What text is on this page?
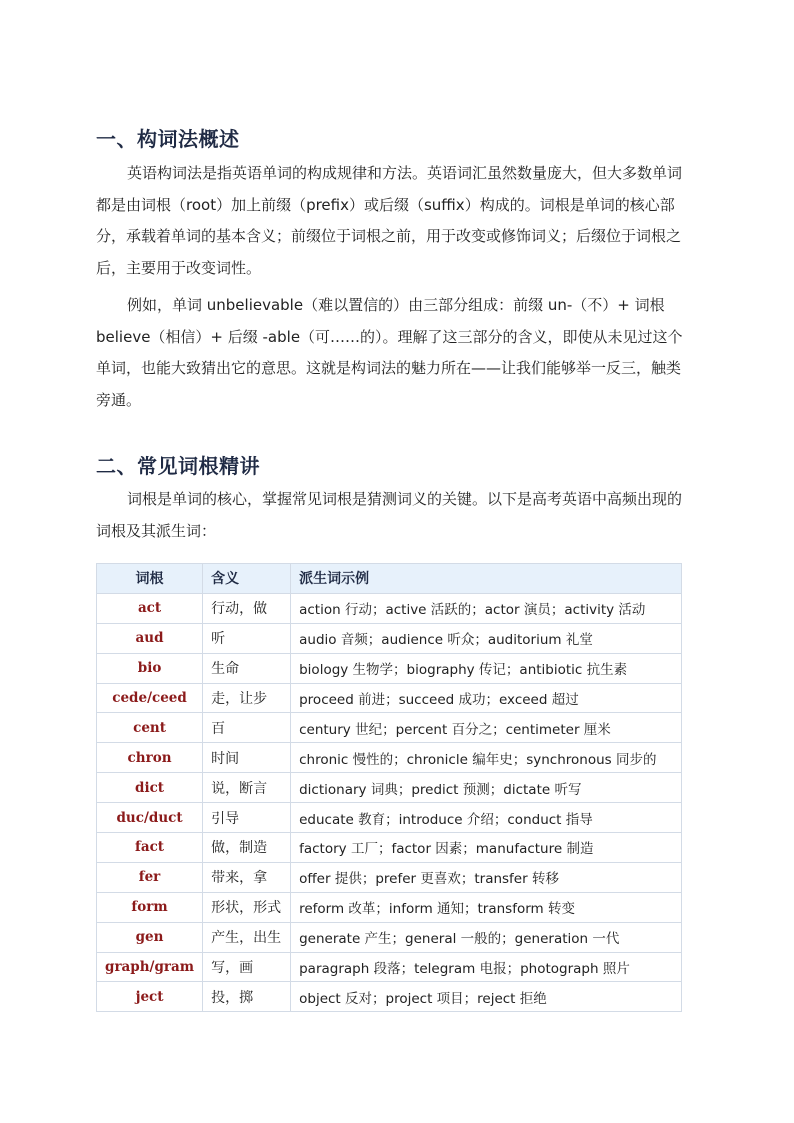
一、构词法概述

英语构词法是指英语单词的构成规律和方法。英语词汇虽然数量庞大，但大多数单词都是由词根（root）加上前缀（prefix）或后缀（suffix）构成的。词根是单词的核心部分，承载着单词的基本含义；前缀位于词根之前，用于改变或修饰词义；后缀位于词根之后，主要用于改变词性。

例如，单词 unbelievable（难以置信的）由三部分组成：前缀 un-（不）+ 词根 believe（相信）+ 后缀 -able（可……的）。理解了这三部分的含义，即使从未见过这个单词，也能大致猜出它的意思。这就是构词法的魅力所在——让我们能够举一反三，触类旁通。

二、常见词根精讲

词根是单词的核心，掌握常见词根是猜测词义的关键。以下是高考英语中高频出现的词根及其派生词：

词根	含义	派生词示例
act	行动，做	action 行动；active 活跃的；actor 演员；activity 活动
aud	听	audio 音频；audience 听众；auditorium 礼堂
bio	生命	biology 生物学；biography 传记；antibiotic 抗生素
cede/ceed	走，让步	proceed 前进；succeed 成功；exceed 超过
cent	百	century 世纪；percent 百分之；centimeter 厘米
chron	时间	chronic 慢性的；chronicle 编年史；synchronous 同步的
dict	说，断言	dictionary 词典；predict 预测；dictate 听写
duc/duct	引导	educate 教育；introduce 介绍；conduct 指导
fact	做，制造	factory 工厂；factor 因素；manufacture 制造
fer	带来，拿	offer 提供；prefer 更喜欢；transfer 转移
form	形状，形式	reform 改革；inform 通知；transform 转变
gen	产生，出生	generate 产生；general 一般的；generation 一代
graph/gram	写，画	paragraph 段落；telegram 电报；photograph 照片
ject	投，掷	object 反对；project 项目；reject 拒绝
